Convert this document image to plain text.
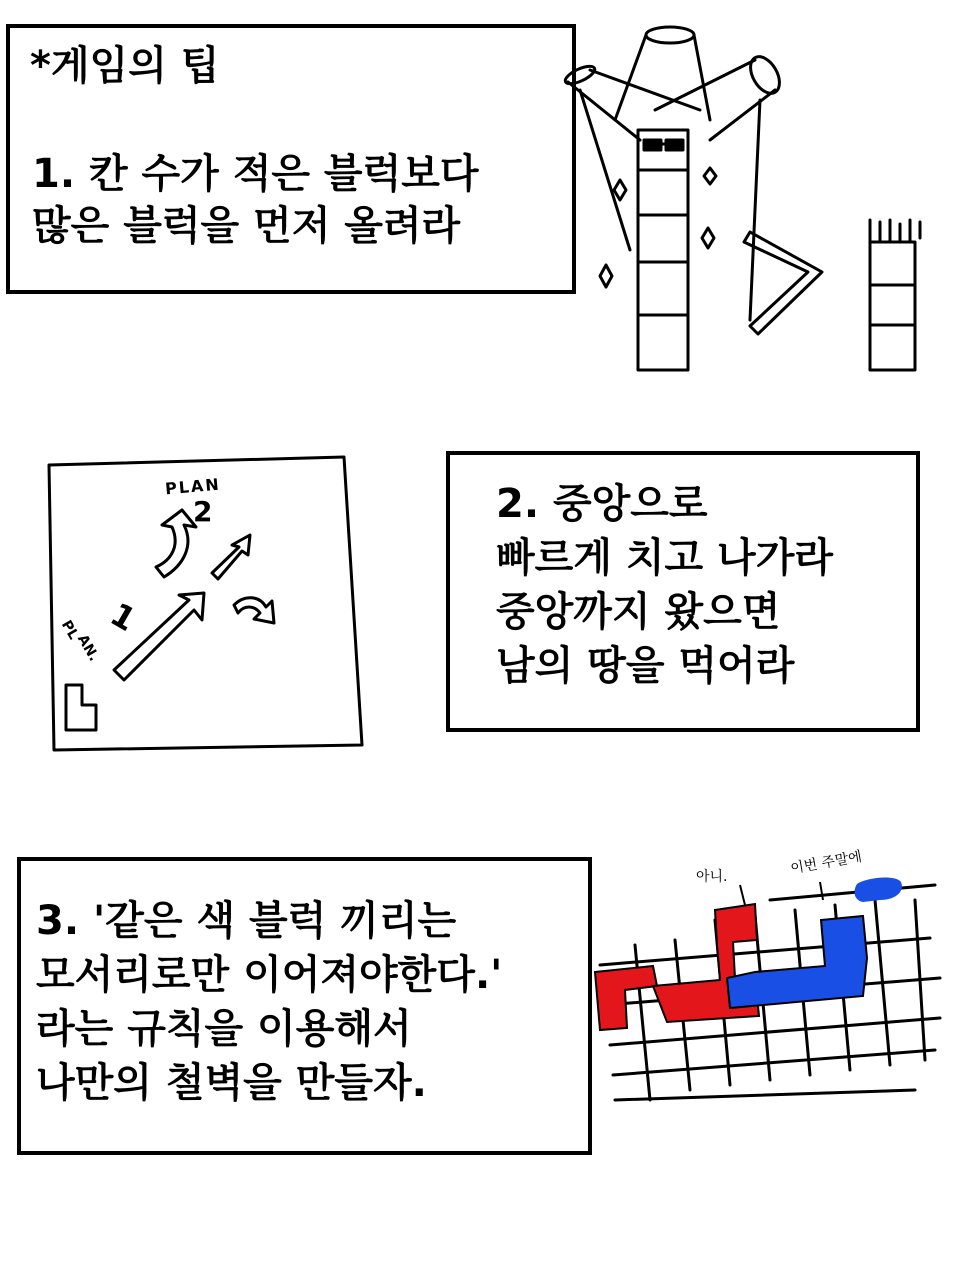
*게임의 팁
1. 칸 수가 적은 블럭보다
많은 블럭을 먼저 올려라
PLAN
2
PL
AN.
1
2. 중앙으로
빠르게 치고 나가라
중앙까지 왔으면
남의 땅을 먹어라
3. '같은 색 블럭 끼리는
모서리로만 이어져야한다.'
라는 규칙을 이용해서
나만의 철벽을 만들자.
아니.	이번 주말에
